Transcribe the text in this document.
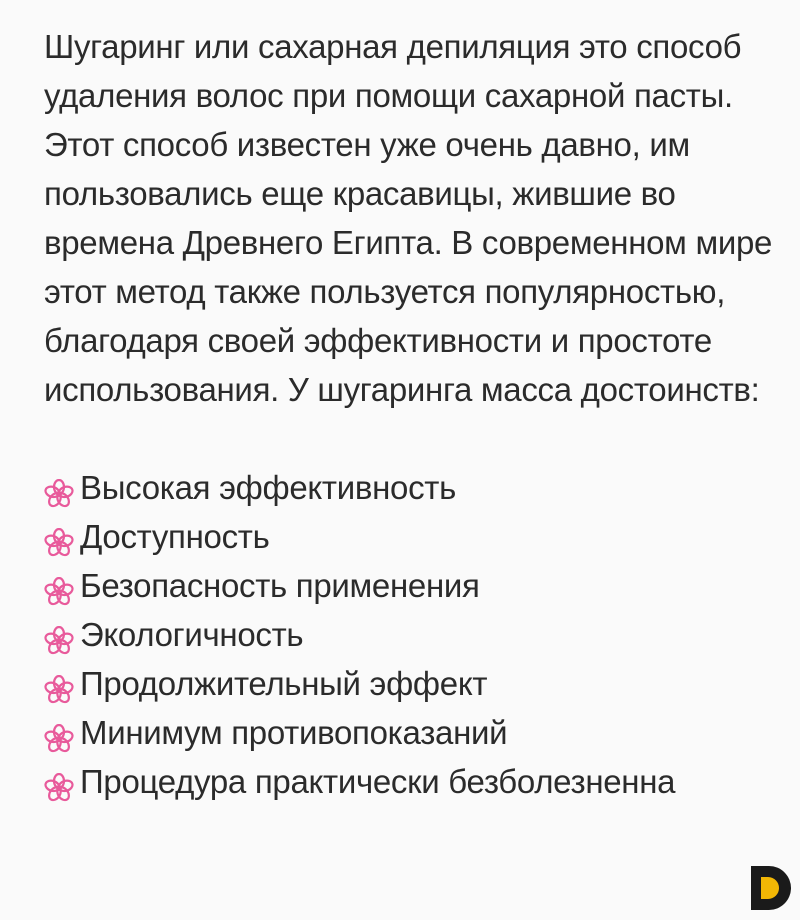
Шугаринг или сахарная депиляция это способ удаления волос при помощи сахарной пасты. Этот способ известен уже очень давно, им пользовались еще красавицы, жившие во времена Древнего Египта. В современном мире этот метод также пользуется популярностью, благодаря своей эффективности и простоте использования. У шугаринга масса достоинств:

Высокая эффективность
Доступность
Безопасность применения
Экологичность
Продолжительный эффект
Минимум противопоказаний
Процедура практически безболезненна
